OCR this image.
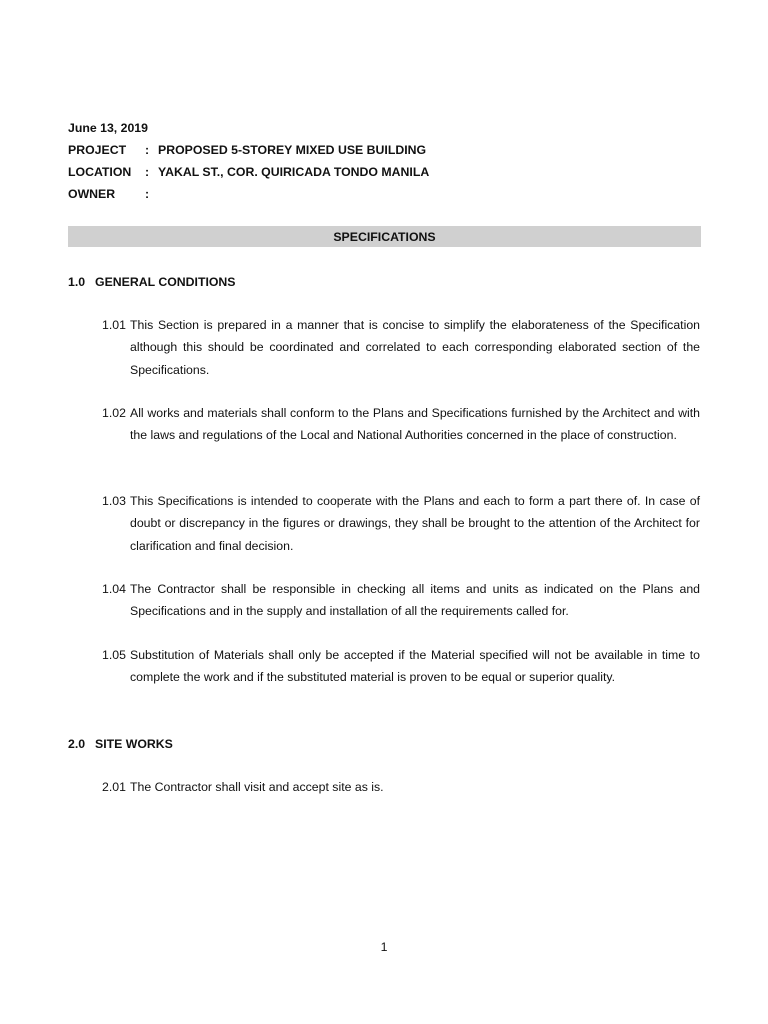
June 13, 2019
PROJECT	: PROPOSED 5-STOREY MIXED USE BUILDING
LOCATION	: YAKAL ST., COR. QUIRICADA TONDO MANILA
OWNER	:
SPECIFICATIONS
1.0 GENERAL CONDITIONS
1.01 This Section is prepared in a manner that is concise to simplify the elaborateness of the Specification although this should be coordinated and correlated to each corresponding elaborated section of the Specifications.
1.02 All works and materials shall conform to the Plans and Specifications furnished by the Architect and with the laws and regulations of the Local and National Authorities concerned in the place of construction.
1.03 This Specifications is intended to cooperate with the Plans and each to form a part there of. In case of doubt or discrepancy in the figures or drawings, they shall be brought to the attention of the Architect for clarification and final decision.
1.04 The Contractor shall be responsible in checking all items and units as indicated on the Plans and Specifications and in the supply and installation of all the requirements called for.
1.05 Substitution of Materials shall only be accepted if the Material specified will not be available in time to complete the work and if the substituted material is proven to be equal or superior quality.
2.0 SITE WORKS
2.01 The Contractor shall visit and accept site as is.
1
